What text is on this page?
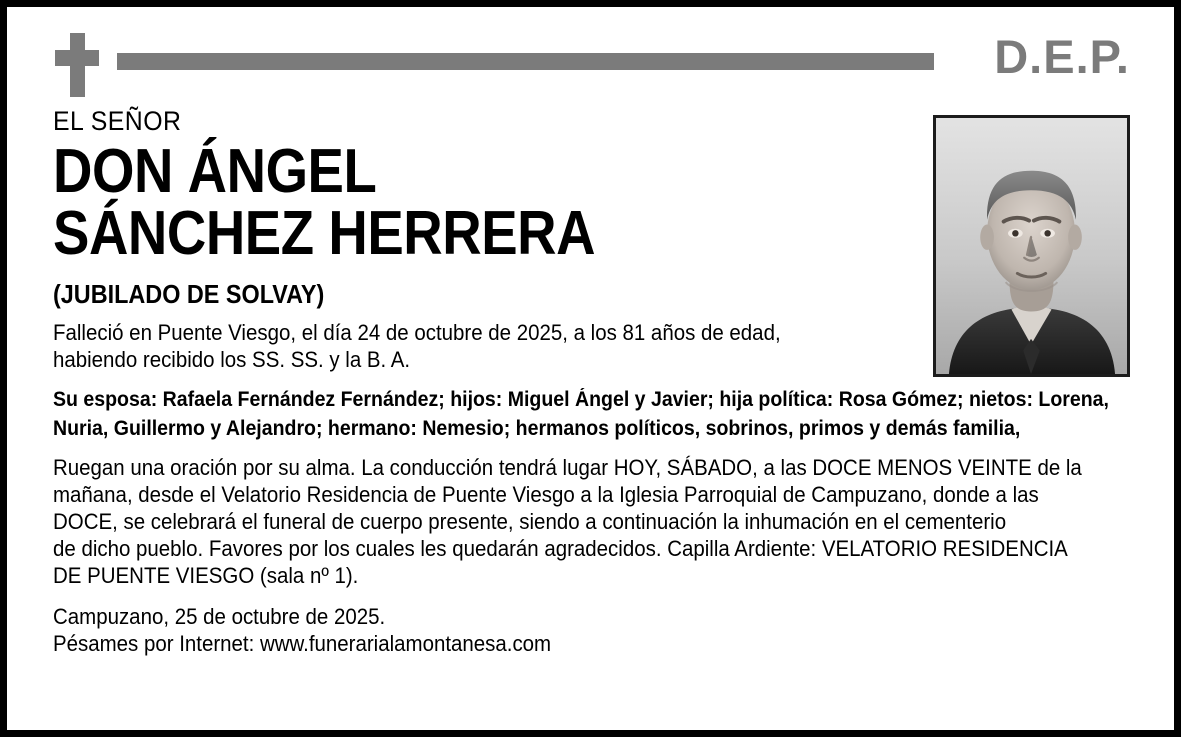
D.E.P.
EL SEÑOR
DON ÁNGEL
SÁNCHEZ HERRERA
(JUBILADO DE SOLVAY)
Falleció en Puente Viesgo, el día 24 de octubre de 2025, a los 81 años de edad,
habiendo recibido los SS. SS. y la B. A.
Su esposa: Rafaela Fernández Fernández; hijos: Miguel Ángel y Javier; hija política: Rosa Gómez; nietos: Lorena,
Nuria, Guillermo y Alejandro; hermano: Nemesio; hermanos políticos, sobrinos, primos y demás familia,
Ruegan una oración por su alma. La conducción tendrá lugar HOY, SÁBADO, a las DOCE MENOS VEINTE de la
mañana, desde el Velatorio Residencia de Puente Viesgo a la Iglesia Parroquial de Campuzano, donde a las
DOCE, se celebrará el funeral de cuerpo presente, siendo a continuación la inhumación en el cementerio
de dicho pueblo. Favores por los cuales les quedarán agradecidos. Capilla Ardiente: VELATORIO RESIDENCIA
DE PUENTE VIESGO (sala nº 1).
Campuzano, 25 de octubre de 2025.
Pésames por Internet: www.funerarialamontanesa.com
